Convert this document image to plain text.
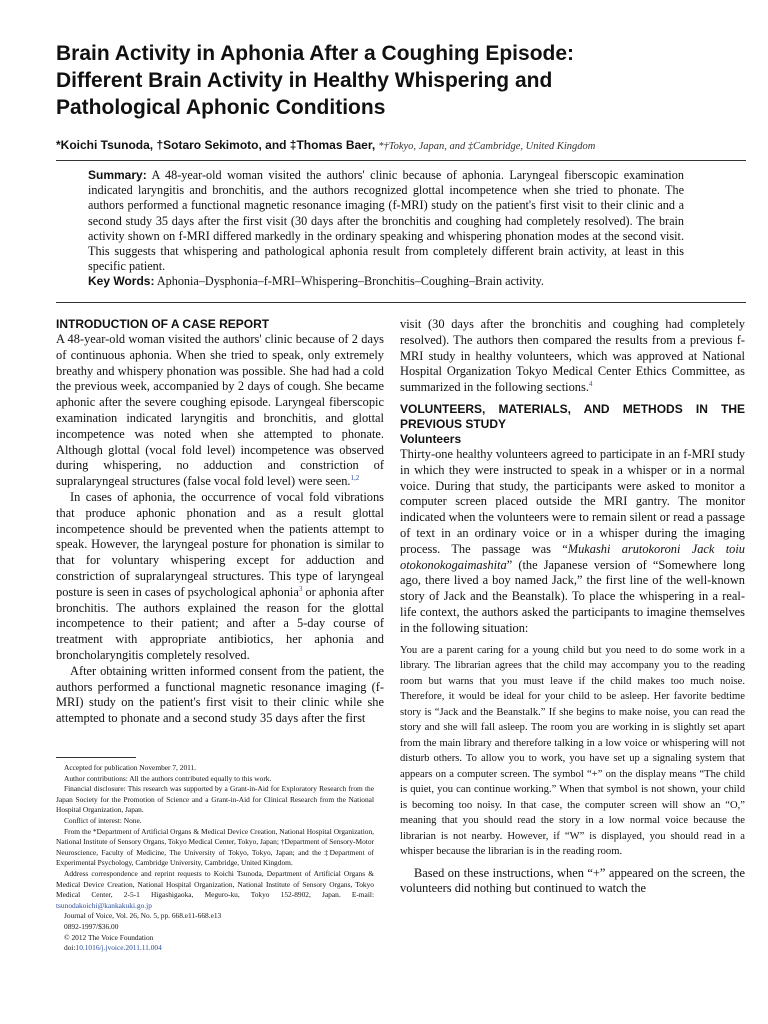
Brain Activity in Aphonia After a Coughing Episode:
Different Brain Activity in Healthy Whispering and
Pathological Aphonic Conditions
*Koichi Tsunoda, †Sotaro Sekimoto, and ‡Thomas Baer, *†Tokyo, Japan, and ‡Cambridge, United Kingdom

Summary: A 48-year-old woman visited the authors' clinic because of aphonia. Laryngeal fiberscopic examination indicated laryngitis and bronchitis, and the authors recognized glottal incompetence when she tried to phonate. The authors performed a functional magnetic resonance imaging (f-MRI) study on the patient's first visit to their clinic and a second study 35 days after the first visit (30 days after the bronchitis and coughing had completely resolved). The brain activity shown on f-MRI differed markedly in the ordinary speaking and whispering phonation modes at the second visit. This suggests that whispering and pathological aphonia result from completely different brain activity, at least in this specific patient.

Key Words: Aphonia–Dysphonia–f-MRI–Whispering–Bronchitis–Coughing–Brain activity.

INTRODUCTION OF A CASE REPORT

A 48-year-old woman visited the authors' clinic because of 2 days of continuous aphonia. When she tried to speak, only extremely breathy and whispery phonation was possible. She had had a cold the previous week, accompanied by 2 days of cough. She became aphonic after the severe coughing episode. Laryngeal fiberscopic examination indicated laryngitis and bronchitis, and glottal incompetence was noted when she attempted to phonate. Although glottal (vocal fold level) incompetence was observed during whispering, no adduction and constriction of supralaryngeal structures (false vocal fold level) were seen.$^{1,2}$

In cases of aphonia, the occurrence of vocal fold vibrations that produce aphonic phonation and as a result glottal incompetence should be prevented when the patients attempt to speak. However, the laryngeal posture for phonation is similar to that for voluntary whispering except for adduction and constriction of supralaryngeal structures. This type of laryngeal posture is seen in cases of psychological aphonia$^3$ or aphonia after bronchitis. The authors explained the reason for the glottal incompetence to their patient; and after a 5-day course of treatment with appropriate antibiotics, her aphonia and broncholaryngitis completely resolved.

After obtaining written informed consent from the patient, the authors performed a functional magnetic resonance imaging (f-MRI) study on the patient's first visit to their clinic while she attempted to phonate and a second study 35 days after the first

Accepted for publication November 7, 2011.

Author contributions: All the authors contributed equally to this work.

Financial disclosure: This research was supported by a Grant-in-Aid for Exploratory Research from the Japan Society for the Promotion of Science and a Grant-in-Aid for Clinical Research from the National Hospital Organization, Japan.

Conflict of interest: None.

From the *Department of Artificial Organs & Medical Device Creation, National Hospital Organization, National Institute of Sensory Organs, Tokyo Medical Center, Tokyo, Japan; †Department of Sensory-Motor Neuroscience, Faculty of Medicine, The University of Tokyo, Tokyo, Japan; and the ‡Department of Experimental Psychology, Cambridge University, Cambridge, United Kingdom.

Address correspondence and reprint requests to Koichi Tsunoda, Department of Artificial Organs & Medical Device Creation, National Hospital Organization, National Institute of Sensory Organs, Tokyo Medical Center, 2-5-1 Higashigaoka, Meguro-ku, Tokyo 152-8902, Japan. E-mail: tsunodakoichi@kankakuki.go.jp

Journal of Voice, Vol. 26, No. 5, pp. 668.e11-668.e13

0892-1997/$36.00

© 2012 The Voice Foundation

doi:10.1016/j.jvoice.2011.11.004

visit (30 days after the bronchitis and coughing had completely resolved). The authors then compared the results from a previous f-MRI study in healthy volunteers, which was approved at National Hospital Organization Tokyo Medical Center Ethics Committee, as summarized in the following sections.$^4$

VOLUNTEERS, MATERIALS, AND METHODS IN THE PREVIOUS STUDY

Volunteers

Thirty-one healthy volunteers agreed to participate in an f-MRI study in which they were instructed to speak in a whisper or in a normal voice. During that study, the participants were asked to monitor a computer screen placed outside the MRI gantry. The monitor indicated when the volunteers were to remain silent or read a passage of text in an ordinary voice or in a whisper during the imaging process. The passage was “Mukashi arutokoroni Jack toiu otokonokogaimashita” (the Japanese version of “Somewhere long ago, there lived a boy named Jack,” the first line of the well-known story of Jack and the Beanstalk). To place the whispering in a real-life context, the authors asked the participants to imagine themselves in the following situation:

You are a parent caring for a young child but you need to do some work in a library. The librarian agrees that the child may accompany you to the reading room but warns that you must leave if the child makes too much noise. Therefore, it would be ideal for your child to be asleep. Her favorite bedtime story is “Jack and the Beanstalk.” If she begins to make noise, you can read the story and she will fall asleep. The room you are working in is slightly set apart from the main library and therefore talking in a low voice or whispering will not disturb others. To allow you to work, you have set up a signaling system that appears on a computer screen. The symbol “+” on the display means “The child is quiet, you can continue working.” When that symbol is not shown, your child is becoming too noisy. In that case, the computer screen will show an “O,” meaning that you should read the story in a low normal voice because the librarian is not nearby. However, if “W” is displayed, you should read in a whisper because the librarian is in the reading room.

Based on these instructions, when “+” appeared on the screen, the volunteers did nothing but continued to watch the
